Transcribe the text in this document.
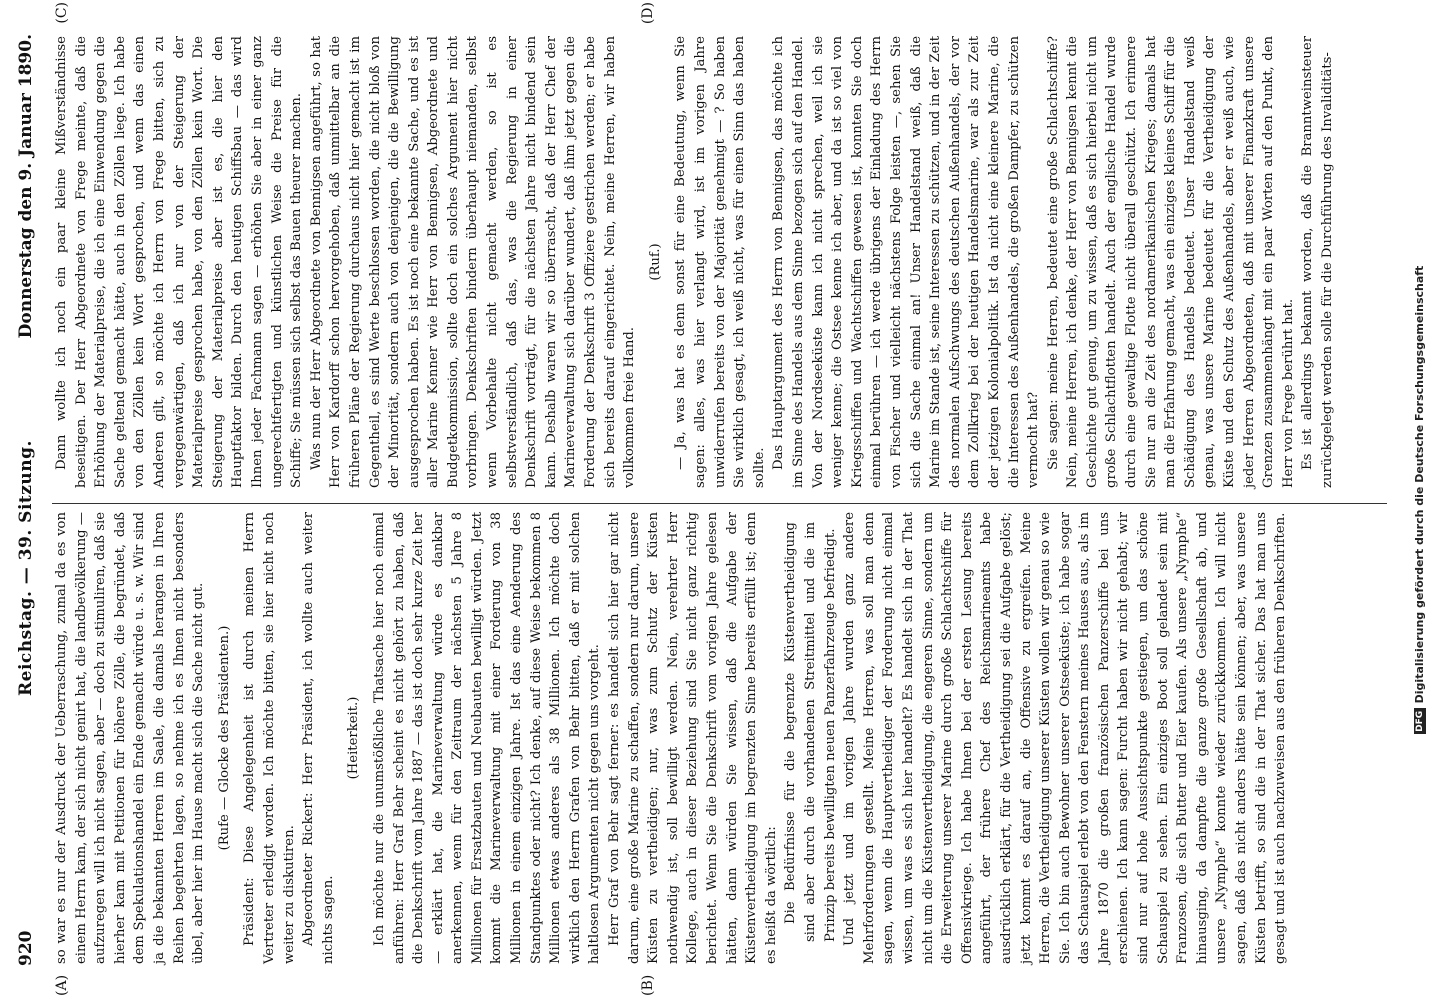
920
Reichstag. — 39. Sitzung.
Donnerstag den 9. Januar 1890.
(A)	(B)
(C)	(D)

so war es nur der Ausdruck der Ueberraschung, zumal da es von einem Herrn kam, der sich nicht genirt hat, die landbevölkerung — aufzuregen will ich nicht sagen, aber — doch zu stimuliren, daß sie hierher kam mit Petitionen für höhere Zölle, die begründet, daß dem Spekulationshandel ein Ende gemacht würde u. s. w. Wir sind ja die bekannten Herren im Saale, die damals herangen in Ihren Reihen begehrten lagen, so nehme ich es Ihnen nicht besonders übel, aber hier im Hause macht sich die Sache nicht gut. (Rufe — Glocke des Präsidenten.) Präsident: Diese Angelegenheit ist durch meinen Herrn Vertreter erledigt worden. Ich möchte bitten, sie hier nicht noch weiter zu diskutiren. Abgeordneter Rickert: Herr Präsident, ich wollte auch weiter nichts sagen.

(Heiterkeit.) Ich möchte nur die unumstößliche Thatsache hier noch einmal anführen: Herr Graf Behr scheint es nicht gehört zu haben, daß die Denkschrift vom Jahre 1887 — das ist doch sehr kurze Zeit her — erklärt hat, die Marineverwaltung würde es dankbar anerkennen, wenn für den Zeitraum der nächsten 5 Jahre 8 Millionen für Ersatzbauten und Neubauten bewilligt würden. Jetzt kommt die Marineverwaltung mit einer Forderung von 38 Millionen in einem einzigen Jahre. Ist das eine Aenderung des Standpunktes oder nicht? Ich denke, auf diese Weise bekommen 8 Millionen etwas anderes als 38 Millionen. Ich möchte doch wirklich den Herrn Grafen von Behr bitten, daß er mit solchen haltlosen Argumenten nicht gegen uns vorgeht. Herr Graf von Behr sagt ferner: es handelt sich hier gar nicht darum, eine große Marine zu schaffen, sondern nur darum, unsere Küsten zu vertheidigen; nur, was zum Schutz der Küsten nothwendig ist, soll bewilligt werden. Nein, verehrter Herr Kollege, auch in dieser Beziehung sind Sie nicht ganz richtig berichtet. Wenn Sie die Denkschrift vom vorigen Jahre gelesen hätten, dann würden Sie wissen, daß die Aufgabe der Küstenvertheidigung im begrenzten Sinne bereits erfüllt ist; denn es heißt da wörtlich: Die Bedürfnisse für die begrenzte Küstenvertheidigung sind aber durch die vorhandenen Streitmittel und die im Prinzip bereits bewilligten neuen Panzerfahrzeuge befriedigt. Und jetzt und im vorigen Jahre wurden ganz andere Mehrforderungen gestellt. Meine Herren, was soll man denn sagen, wenn die Hauptvertheidiger der Forderung nicht einmal wissen, um was es sich hier handelt? Es handelt sich in der That nicht um die Küstenvertheidigung, die engeren Sinne, sondern um die Erweiterung unserer Marine durch große Schlachtschiffe für Offensivkriege. Ich habe Ihnen bei der ersten Lesung bereits angeführt, der frühere Chef des Reichsmarineamts habe ausdrücklich erklärt, für die Vertheidigung sei die Aufgabe gelöst; jetzt kommt es darauf an, die Offensive zu ergreifen. Meine Herren, die Vertheidigung unserer Küsten wollen wir genau so wie Sie. Ich bin auch Bewohner unserer Ostseeküste; ich habe sogar das Schauspiel erlebt von den Fenstern meines Hauses aus, als im Jahre 1870 die großen französischen Panzerschiffe bei uns erschienen. Ich kann sagen: Furcht haben wir nicht gehabt; wir sind nur auf hohe Aussichtspunkte gestiegen, um das schöne Schauspiel zu sehen. Ein einziges Boot soll gelandet sein mit Franzosen, die sich Butter und Eier kaufen. Als unsere „Nymphe“ hinausging, da dampfte die ganze große Gesellschaft ab, und unsere „Nymphe“ konnte wieder zurückkommen. Ich will nicht sagen, daß das nicht anders hätte sein können; aber, was unsere Küsten betrifft, so sind die in der That sicher. Das hat man uns gesagt und ist auch nachzuweisen aus den früheren Denkschriften.

Dann wollte ich noch ein paar kleine Mißverständnisse beseitigen. Der Herr Abgeordnete von Frege meinte, daß die Erhöhung der Materialpreise, die ich eine Einwendung gegen die Sache geltend gemacht hätte, auch in den Zöllen liege. Ich habe von den Zöllen kein Wort gesprochen, und wenn das einen Anderen gilt, so möchte ich Herrn von Frege bitten, sich zu vergegenwärtigen, daß ich nur von der Steigerung der Materialpreise gesprochen habe, von den Zöllen kein Wort. Die Steigerung der Materialpreise aber ist es, die hier den Hauptfaktor bilden. Durch den heutigen Schiffsbau — das wird Ihnen jeder Fachmann sagen — erhöhen Sie aber in einer ganz ungerechtfertigten und künstlichen Weise die Preise für die Schiffe; Sie müssen sich selbst das Bauen theurer machen. Was nun der Herr Abgeordnete von Bennigsen angeführt, so hat Herr von Kardorff schon hervorgehoben, daß unmittelbar an die früheren Pläne der Regierung durchaus nicht hier gemacht ist im Gegentheil, es sind Werte beschlossen worden, die nicht bloß von der Minorität, sondern auch von denjenigen, die die Bewilligung ausgesprochen haben. Es ist noch eine bekannte Sache, und es ist aller Marine Kenner wie Herr von Bennigsen, Abgeordnete und Budgetkommission, sollte doch ein solches Argument hier nicht vorbringen. Denkschriften bindern überhaupt niemanden, selbst wenn Vorbehalte nicht gemacht werden, so ist es selbstverständlich, daß das, was die Regierung in einer Denkschrift vorträgt, für die nächsten Jahre nicht bindend sein kann. Deshalb waren wir so überrascht, daß der Herr Chef der Marineverwaltung sich darüber wundert, daß ihm jetzt gegen die Forderung der Denkschrift 3 Offiziere gestrichen werden; er habe sich bereits darauf eingerichtet. Nein, meine Herren, wir haben vollkommen freie Hand.

(Ruf.) — Ja, was hat es denn sonst für eine Bedeutung, wenn Sie sagen: alles, was hier verlangt wird, ist im vorigen Jahre unwiderrufen bereits von der Majorität genehmigt — ? So haben Sie wirklich gesagt, ich weiß nicht, was für einen Sinn das haben sollte. Das Hauptargument des Herrn von Bennigsen, das möchte ich im Sinne des Handels aus dem Sinne bezogen sich auf den Handel. Von der Nordseeküste kann ich nicht sprechen, weil ich sie weniger kenne; die Ostsee kenne ich aber, und da ist so viel von Kriegsschiffen und Wachtschiffen gewesen ist, konnten Sie doch einmal berühren — ich werde übrigens der Einladung des Herrn von Fischer und vielleicht nächstens Folge leisten —, sehen Sie sich die Sache einmal an! Unser Handelstand weiß, daß die Marine im Stande ist, seine Interessen zu schützen, und in der Zeit des normalen Aufschwungs des deutschen Außenhandels, der vor dem Zollkrieg bei der heutigen Handelsmarine, war als zur Zeit der jetzigen Kolonialpolitik. Ist da nicht eine kleinere Marine, die die Interessen des Außenhandels, die großen Dampfer, zu schützen vermocht hat? Sie sagen: meine Herren, bedeutet eine große Schlachtschiffe? Nein, meine Herren, ich denke, der Herr von Bennigsen kennt die Geschichte gut genug, um zu wissen, daß es sich hierbei nicht um große Schlachtflotten handelt. Auch der englische Handel wurde durch eine gewaltige Flotte nicht überall geschützt. Ich erinnere Sie nur an die Zeit des nordamerikanischen Krieges; damals hat man die Erfahrung gemacht, was ein einziges kleines Schiff für die Schädigung des Handels bedeutet. Unser Handelstand weiß genau, was unsere Marine bedeutet für die Vertheidigung der Küste und den Schutz des Außenhandels, aber er weiß auch, wie jeder Herren Abgeordneten, daß mit unserer Finanzkraft unsere Grenzen zusammenhängt mit ein paar Worten auf den Punkt, den Herr von Frege berührt hat. Es ist allerdings bekannt worden, daß die Branntweinsteuer zurückgelegt werden solle für die Durchführung des Invaliditäts-

DFGDigitalisierung gefördert durch die Deutsche Forschungsgemeinschaft
